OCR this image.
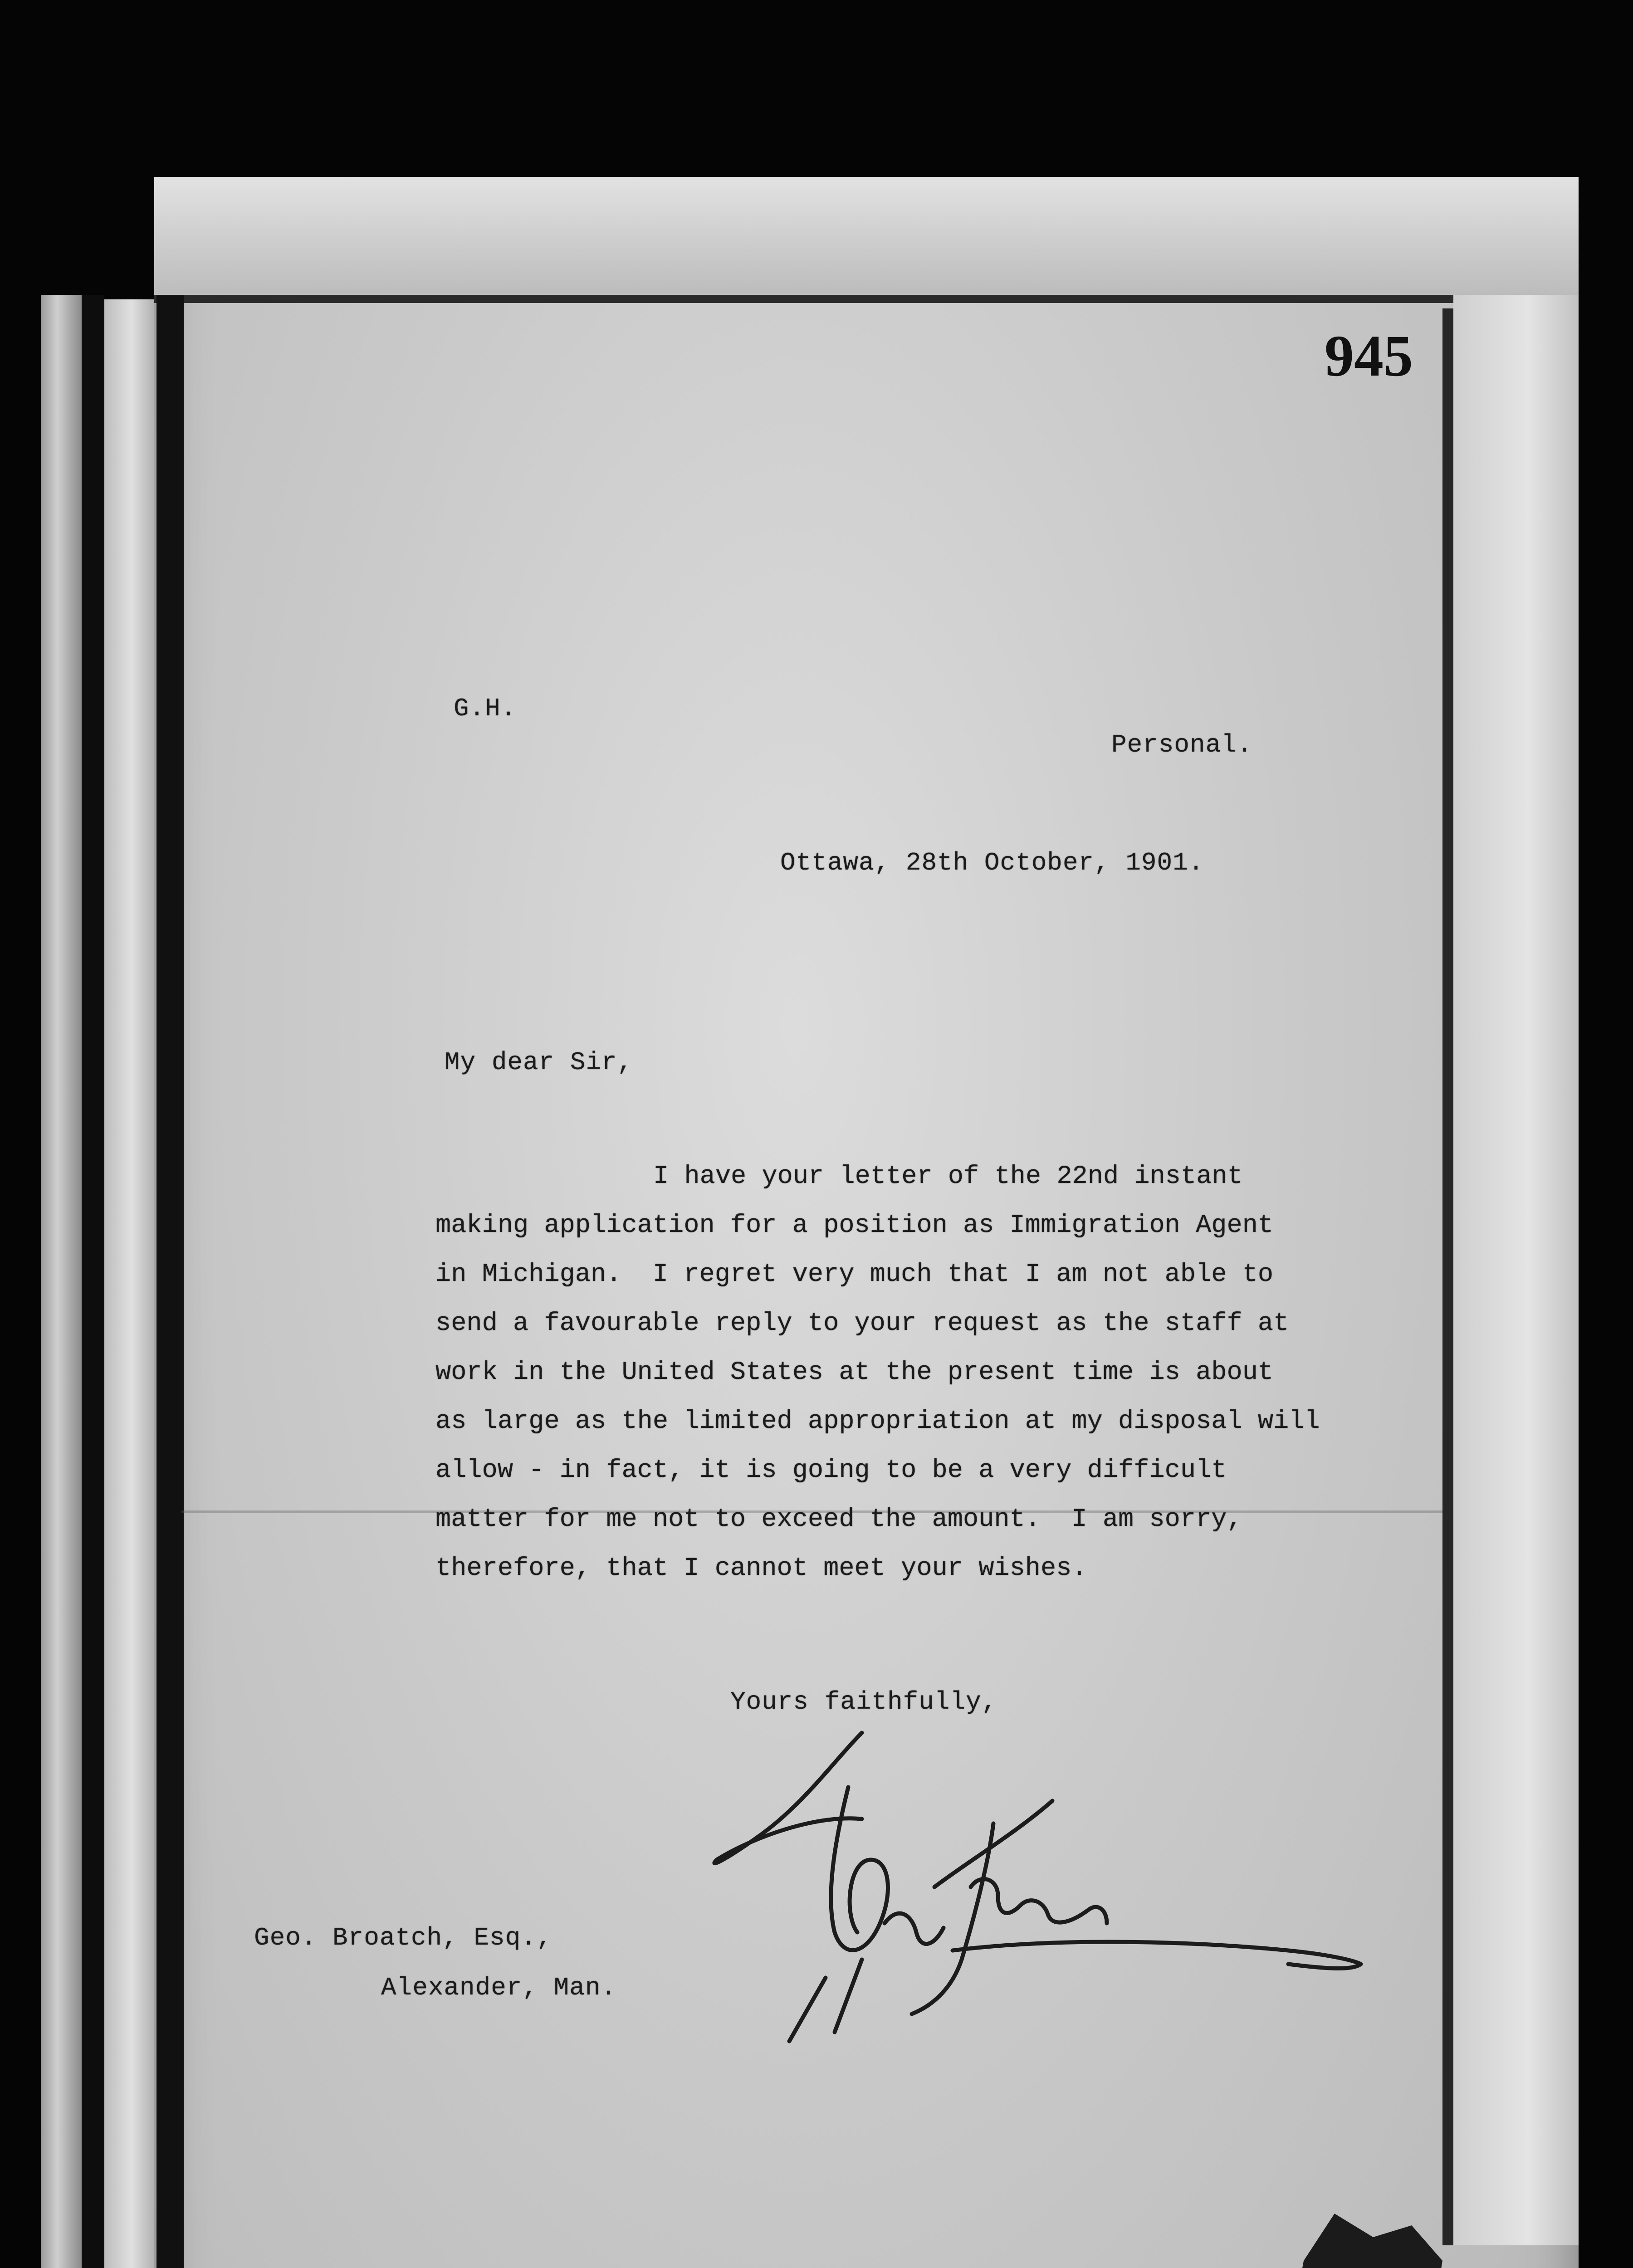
945
G.H.
Personal.
Ottawa, 28th October, 1901.
My dear Sir,
I have your letter of the 22nd instant
making application for a position as Immigration Agent
in Michigan.  I regret very much that I am not able to
send a favourable reply to your request as the staff at
work in the United States at the present time is about
as large as the limited appropriation at my disposal will
allow - in fact, it is going to be a very difficult
matter for me not to exceed the amount.  I am sorry,
therefore, that I cannot meet your wishes.
Yours faithfully,
Geo. Broatch, Esq.,
Alexander, Man.
